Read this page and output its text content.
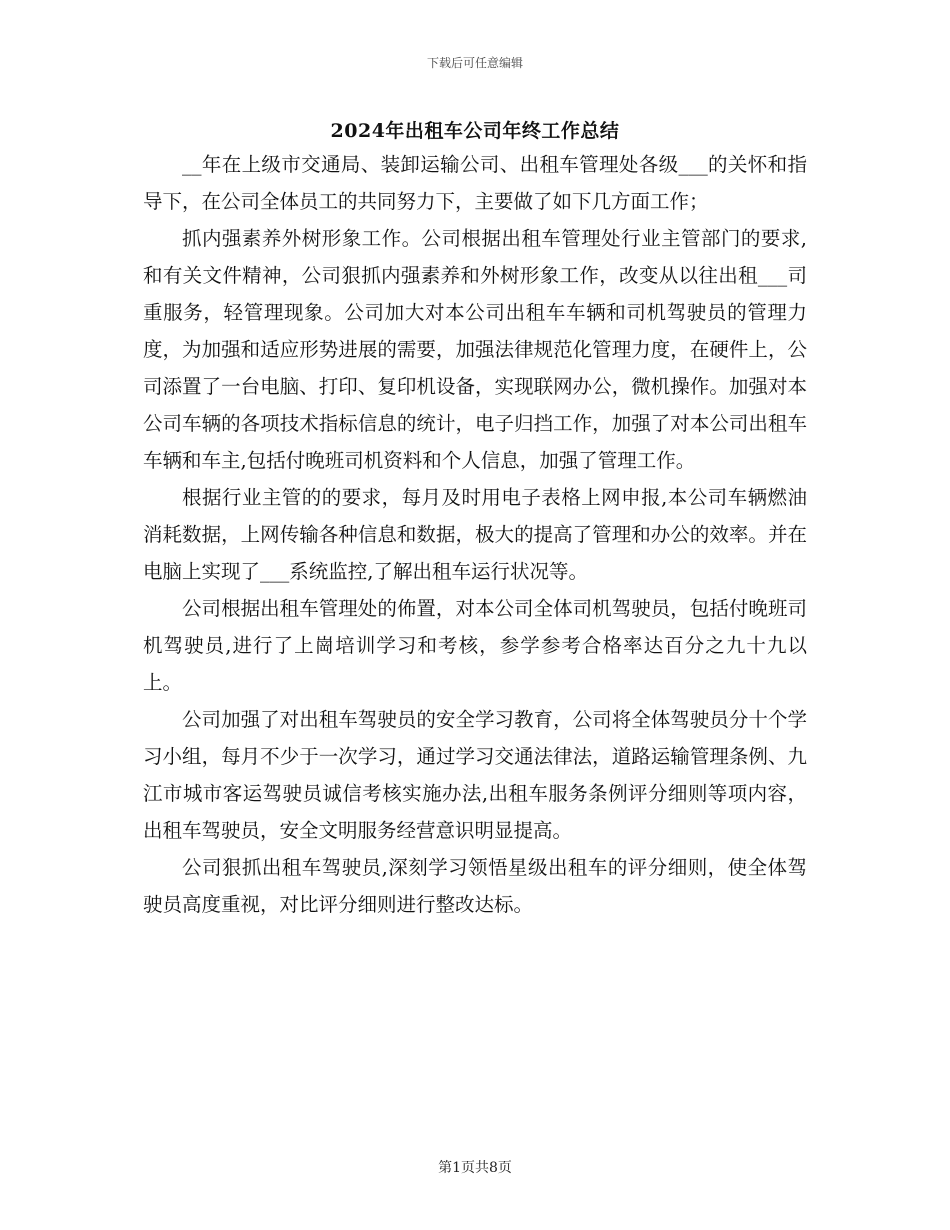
下载后可任意编辑
2024年出租车公司年终工作总结

__年在上级市交通局、装卸运输公司、出租车管理处各级___的关怀和指导下，在公司全体员工的共同努力下，主要做了如下几方面工作；

抓内强素养外树形象工作。公司根据出租车管理处行业主管部门的要求,和有关文件精神，公司狠抓内强素养和外树形象工作，改变从以往出租___司重服务，轻管理现象。公司加大对本公司出租车车辆和司机驾驶员的管理力度，为加强和适应形势进展的需要，加强法律规范化管理力度，在硬件上，公司添置了一台电脑、打印、复印机设备，实现联网办公，微机操作。加强对本公司车辆的各项技术指标信息的统计，电子归挡工作，加强了对本公司出租车车辆和车主,包括付晚班司机资料和个人信息，加强了管理工作。

根据行业主管的的要求，每月及时用电子表格上网申报,本公司车辆燃油消耗数据，上网传输各种信息和数据，极大的提高了管理和办公的效率。并在电脑上实现了___系统监控,了解出租车运行状况等。

公司根据出租车管理处的佈置，对本公司全体司机驾驶员，包括付晚班司机驾驶员,进行了上崗培训学习和考核，参学参考合格率达百分之九十九以上。

公司加强了对出租车驾驶员的安全学习教育，公司将全体驾驶员分十个学习小组，每月不少于一次学习，通过学习交通法律法，道路运输管理条例、九江市城市客运驾驶员诚信考核实施办法,出租车服务条例评分细则等项内容，出租车驾驶员，安全文明服务经营意识明显提高。

公司狠抓出租车驾驶员,深刻学习领悟星级出租车的评分细则，使全体驾驶员高度重视，对比评分细则进行整改达标。

第1页共8页
